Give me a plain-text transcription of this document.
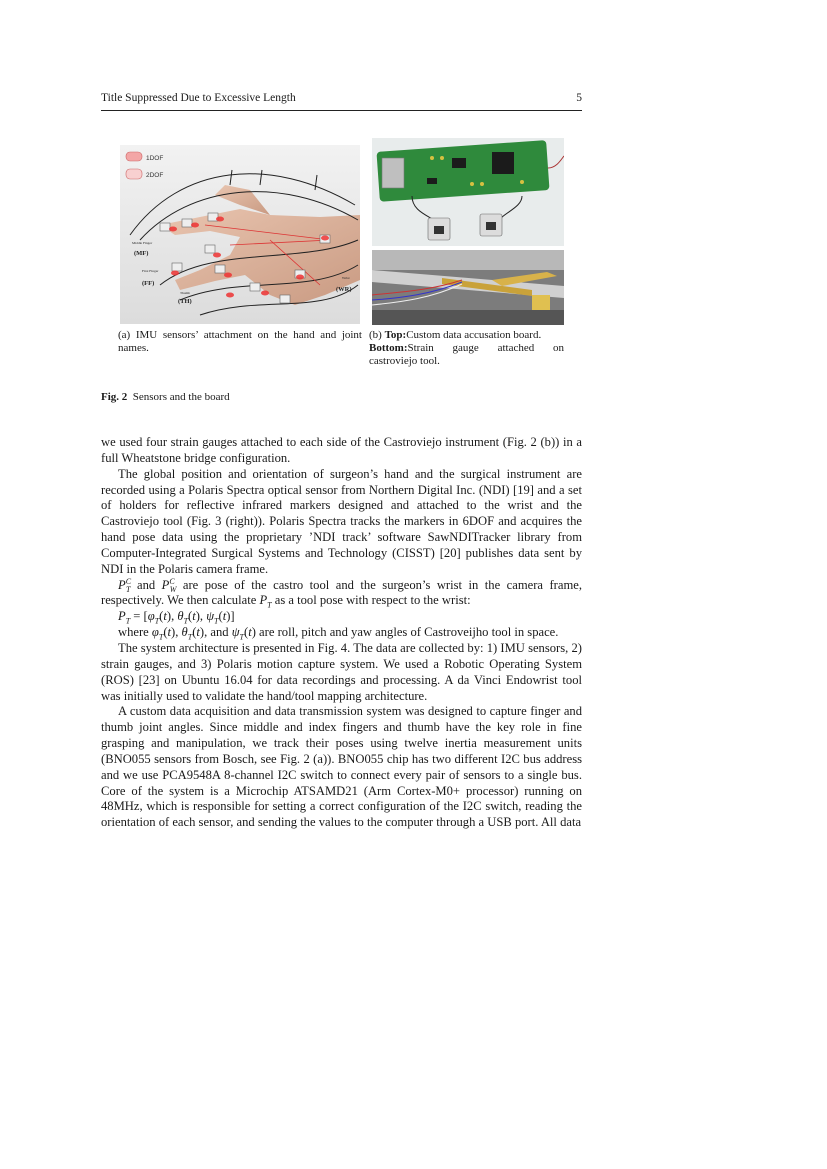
Title Suppressed Due to Excessive Length	5
1DOF
2DOF
Middle Finger
(MF)
First Finger
(FF)
Thumb
(TH)
Wrist
(WR)
(a) IMU sensors’ attachment on the hand and joint names.
(b) Top:Custom data accusation board.
Bottom:Strain gauge attached on castroviejo tool.
Fig. 2 Sensors and the board

we used four strain gauges attached to each side of the Castroviejo instrument (Fig. 2 (b)) in a full Wheatstone bridge configuration.

The global position and orientation of surgeon’s hand and the surgical instrument are recorded using a Polaris Spectra optical sensor from Northern Digital Inc. (NDI) [19] and a set of holders for reflective infrared markers designed and attached to the wrist and the Castroviejo tool (Fig. 3 (right)). Polaris Spectra tracks the markers in 6DOF and acquires the hand pose data using the proprietary ’NDI track’ software SawNDITracker library from Computer-Integrated Surgical Systems and Technology (CISST) [20] publishes data sent by NDI in the Polaris camera frame.

$P^C_T$ and $P^C_W$ are pose of the castro tool and the surgeon’s wrist in the camera frame, respectively. We then calculate $P_T$ as a tool pose with respect to the wrist:

$P_T = [\varphi_T(t)$, $\theta_T(t)$, $\psi_T(t)$]

where $\varphi_T(t)$, $\theta_T(t)$, and $\psi_T(t)$ are roll, pitch and yaw angles of Castroveijho tool in space.

The system architecture is presented in Fig. 4. The data are collected by: 1) IMU sensors, 2) strain gauges, and 3) Polaris motion capture system. We used a Robotic Operating System (ROS) [23] on Ubuntu 16.04 for data recordings and processing. A da Vinci Endowrist tool was initially used to validate the hand/tool mapping architecture.

A custom data acquisition and data transmission system was designed to capture finger and thumb joint angles. Since middle and index fingers and thumb have the key role in fine grasping and manipulation, we track their poses using twelve inertia measurement units (BNO055 sensors from Bosch, see Fig. 2 (a)). BNO055 chip has two different I2C bus address and we use PCA9548A 8-channel I2C switch to connect every pair of sensors to a single bus. Core of the system is a Microchip ATSAMD21 (Arm Cortex-M0+ processor) running on 48MHz, which is responsible for setting a correct configuration of the I2C switch, reading the orientation of each sensor, and sending the values to the computer through a USB port. All data
